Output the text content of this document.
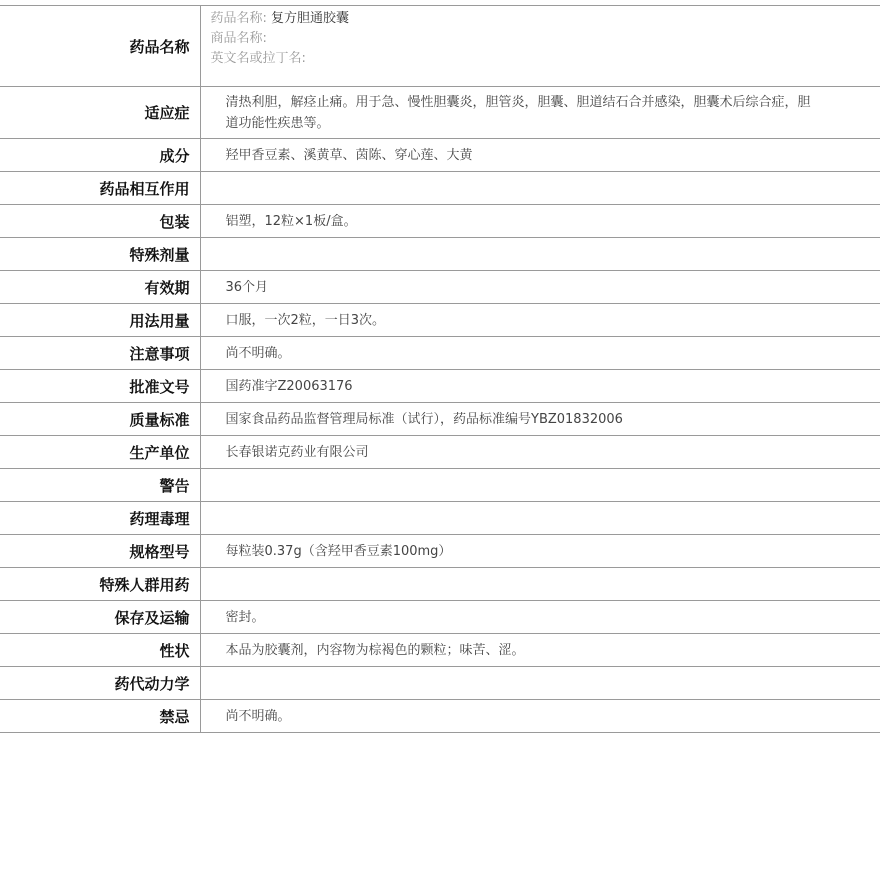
药品名称	药品名称: 复方胆通胶囊
商品名称:
英文名或拉丁名:

适应症	清热利胆，解痉止痛。用于急、慢性胆囊炎，胆管炎，胆囊、胆道结石合并感染，胆囊术后综合症，胆道功能性疾患等。
成分	羟甲香豆素、溪黄草、茵陈、穿心莲、大黄
药品相互作用	
包装	铝塑，12粒×1板/盒。
特殊剂量	
有效期	36个月
用法用量	口服，一次2粒，一日3次。
注意事项	尚不明确。
批准文号	国药准字Z20063176
质量标准	国家食品药品监督管理局标准（试行），药品标准编号YBZ01832006
生产单位	长春银诺克药业有限公司
警告	
药理毒理	
规格型号	每粒装0.37g（含羟甲香豆素100mg）
特殊人群用药	
保存及运输	密封。
性状	本品为胶囊剂，内容物为棕褐色的颗粒；味苦、涩。
药代动力学	
禁忌	尚不明确。
